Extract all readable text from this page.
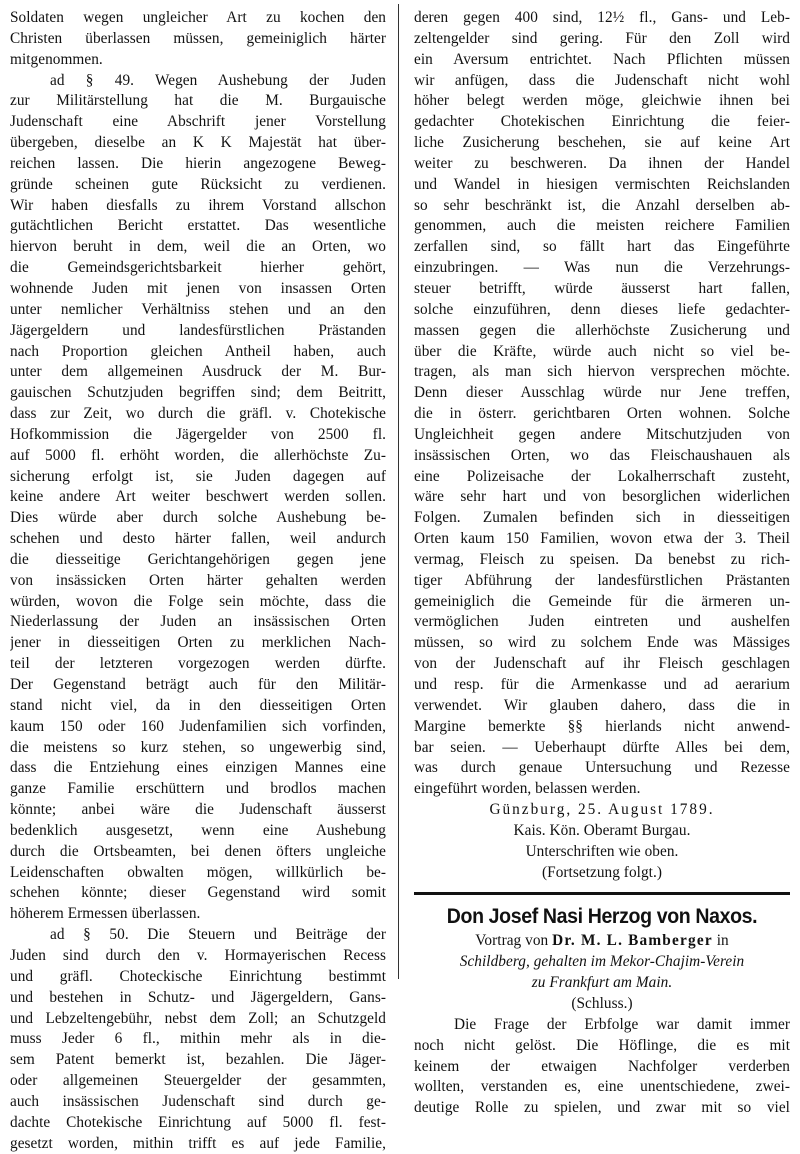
Soldaten wegen ungleicher Art zu kochen den
Christen überlassen müssen, gemeiniglich härter
mitgenommen.
ad § 49. Wegen Aushebung der Juden
zur Militärstellung hat die M. Burgauische
Judenschaft eine Abschrift jener Vorstellung
übergeben, dieselbe an K K Majestät hat über-
reichen lassen. Die hierin angezogene Beweg-
gründe scheinen gute Rücksicht zu verdienen.
Wir haben diesfalls zu ihrem Vorstand allschon
gutächtlichen Bericht erstattet. Das wesentliche
hiervon beruht in dem, weil die an Orten, wo
die Gemeindsgerichtsbarkeit hierher gehört,
wohnende Juden mit jenen von insassen Orten
unter nemlicher Verhältniss stehen und an den
Jägergeldern und landesfürstlichen Prästanden
nach Proportion gleichen Antheil haben, auch
unter dem allgemeinen Ausdruck der M. Bur-
gauischen Schutzjuden begriffen sind; dem Beitritt,
dass zur Zeit, wo durch die gräfl. v. Chotekische
Hofkommission die Jägergelder von 2500 fl.
auf 5000 fl. erhöht worden, die allerhöchste Zu-
sicherung erfolgt ist, sie Juden dagegen auf
keine andere Art weiter beschwert werden sollen.
Dies würde aber durch solche Aushebung be-
schehen und desto härter fallen, weil andurch
die diesseitige Gerichtangehörigen gegen jene
von insässicken Orten härter gehalten werden
würden, wovon die Folge sein möchte, dass die
Niederlassung der Juden an insässischen Orten
jener in diesseitigen Orten zu merklichen Nach-
teil der letzteren vorgezogen werden dürfte.
Der Gegenstand beträgt auch für den Militär-
stand nicht viel, da in den diesseitigen Orten
kaum 150 oder 160 Judenfamilien sich vorfinden,
die meistens so kurz stehen, so ungewerbig sind,
dass die Entziehung eines einzigen Mannes eine
ganze Familie erschüttern und brodlos machen
könnte; anbei wäre die Judenschaft äusserst
bedenklich ausgesetzt, wenn eine Aushebung
durch die Ortsbeamten, bei denen öfters ungleiche
Leidenschaften obwalten mögen, willkürlich be-
schehen könnte; dieser Gegenstand wird somit
höherem Ermessen überlassen.
ad § 50. Die Steuern und Beiträge der
Juden sind durch den v. Hormayerischen Recess
und gräfl. Choteckische Einrichtung bestimmt
und bestehen in Schutz- und Jägergeldern, Gans-
und Lebzeltengebühr, nebst dem Zoll; an Schutzgeld
muss Jeder 6 fl., mithin mehr als in die-
sem Patent bemerkt ist, bezahlen. Die Jäger-
oder allgemeinen Steuergelder der gesammten,
auch insässischen Judenschaft sind durch ge-
dachte Chotekische Einrichtung auf 5000 fl. fest-
gesetzt worden, mithin trifft es auf jede Familie,
deren gegen 400 sind, 12½ fl., Gans- und Leb-
zeltengelder sind gering. Für den Zoll wird
ein Aversum entrichtet. Nach Pflichten müssen
wir anfügen, dass die Judenschaft nicht wohl
höher belegt werden möge, gleichwie ihnen bei
gedachter Chotekischen Einrichtung die feier-
liche Zusicherung beschehen, sie auf keine Art
weiter zu beschweren. Da ihnen der Handel
und Wandel in hiesigen vermischten Reichslanden
so sehr beschränkt ist, die Anzahl derselben ab-
genommen, auch die meisten reichere Familien
zerfallen sind, so fällt hart das Eingeführte
einzubringen. — Was nun die Verzehrungs-
steuer betrifft, würde äusserst hart fallen,
solche einzuführen, denn dieses liefe gedachter-
massen gegen die allerhöchste Zusicherung und
über die Kräfte, würde auch nicht so viel be-
tragen, als man sich hiervon versprechen möchte.
Denn dieser Ausschlag würde nur Jene treffen,
die in österr. gerichtbaren Orten wohnen. Solche
Ungleichheit gegen andere Mitschutzjuden von
insässischen Orten, wo das Fleischaushauen als
eine Polizeisache der Lokalherrschaft zusteht,
wäre sehr hart und von besorglichen widerlichen
Folgen. Zumalen befinden sich in diesseitigen
Orten kaum 150 Familien, wovon etwa der 3. Theil
vermag, Fleisch zu speisen. Da benebst zu rich-
tiger Abführung der landesfürstlichen Prästanten
gemeiniglich die Gemeinde für die ärmeren un-
vermöglichen Juden eintreten und aushelfen
müssen, so wird zu solchem Ende was Mässiges
von der Judenschaft auf ihr Fleisch geschlagen
und resp. für die Armenkasse und ad aerarium
verwendet. Wir glauben dahero, dass die in
Margine bemerkte §§ hierlands nicht anwend-
bar seien. — Ueberhaupt dürfte Alles bei dem,
was durch genaue Untersuchung und Rezesse
eingeführt worden, belassen werden.
Günzburg, 25. August 1789.
Kais. Kön. Oberamt Burgau.
Unterschriften wie oben.
(Fortsetzung folgt.)
Don Josef Nasi Herzog von Naxos.
Vortrag von Dr. M. L. Bamberger in
Schildberg, gehalten im Mekor-Chajim-Verein
zu Frankfurt am Main.
(Schluss.)
Die Frage der Erbfolge war damit immer
noch nicht gelöst. Die Höflinge, die es mit
keinem der etwaigen Nachfolger verderben
wollten, verstanden es, eine unentschiedene, zwei-
deutige Rolle zu spielen, und zwar mit so viel
